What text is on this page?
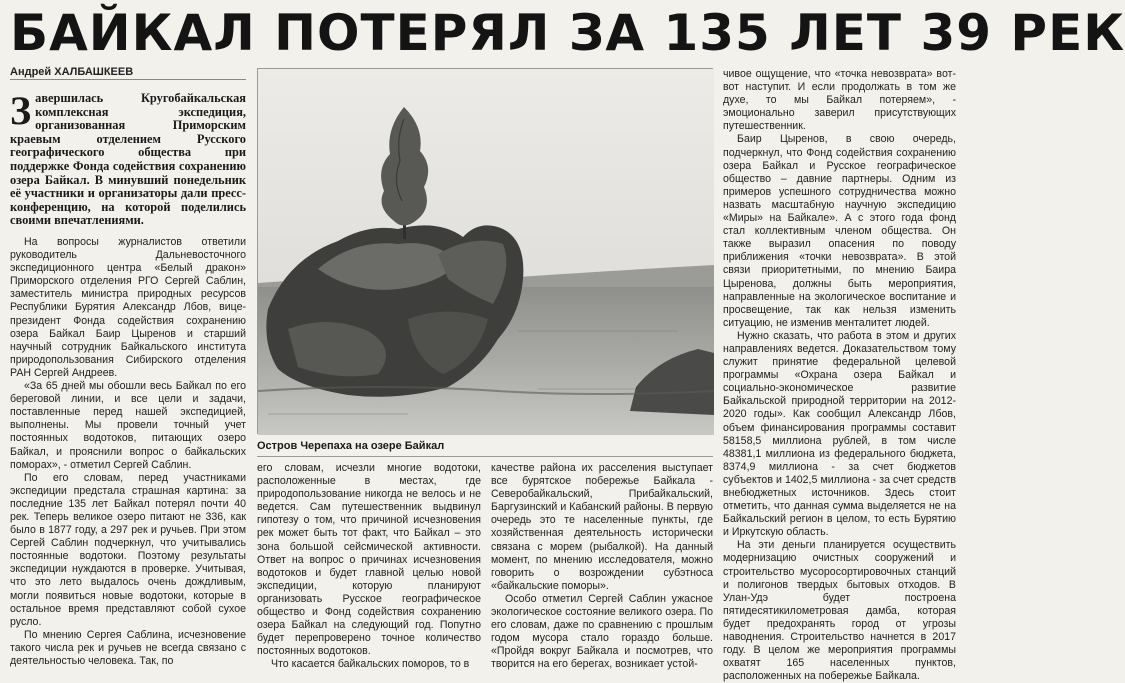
БАЙКАЛ ПОТЕРЯЛ ЗА 135 ЛЕТ 39 РЕК
Андрей ХАЛБАШКЕЕВ
Завершилась Кругобайкальская комплексная экспедиция, организованная Приморским краевым отделением Русского географического общества при поддержке Фонда содействия сохранению озера Байкал. В минувший понедельник её участники и организаторы дали пресс-конференцию, на которой поделились своими впечатлениями.

На вопросы журналистов ответили руководитель Дальневосточного экспедиционного центра «Белый дракон» Приморского отделения РГО Сергей Саблин, заместитель министра природных ресурсов Республики Бурятия Александр Лбов, вице-президент Фонда содействия сохранению озера Байкал Баир Цыренов и старший научный сотрудник Байкальского института природопользования Сибирского отделения РАН Сергей Андреев.

«За 65 дней мы обошли весь Байкал по его береговой линии, и все цели и задачи, поставленные перед нашей экспедицией, выполнены. Мы провели точный учет постоянных водотоков, питающих озеро Байкал, и прояснили вопрос о байкальских поморах», - отметил Сергей Саблин.

По его словам, перед участниками экспедиции предстала страшная картина: за последние 135 лет Байкал потерял почти 40 рек. Теперь великое озеро питают не 336, как было в 1877 году, а 297 рек и ручьев. При этом Сергей Саблин подчеркнул, что учитывались постоянные водотоки. Поэтому результаты экспедиции нуждаются в проверке. Учитывая, что это лето выдалось очень дождливым, могли появиться новые водотоки, которые в остальное время представляют собой сухое русло.

По мнению Сергея Саблина, исчезновение такого числа рек и ручьев не всегда связано с деятельностью человека. Так, по

Остров Черепаха на озере Байкал

его словам, исчезли многие водотоки, расположенные в местах, где природопользование никогда не велось и не ведется. Сам путешественник выдвинул гипотезу о том, что причиной исчезновения рек может быть тот факт, что Байкал – это зона большой сейсмической активности. Ответ на вопрос о причинах исчезновения водотоков и будет главной целью новой экспедиции, которую планируют организовать Русское географическое общество и Фонд содействия сохранению озера Байкал на следующий год. Попутно будет перепроверено точное количество постоянных водотоков.

Что касается байкальских поморов, то в

качестве района их расселения выступает все бурятское побережье Байкала - Северобайкальский, Прибайкальский, Баргузинский и Кабанский районы. В первую очередь это те населенные пункты, где хозяйственная деятельность исторически связана с морем (рыбалкой). На данный момент, по мнению исследователя, можно говорить о возрождении субэтноса «байкальские поморы».

Особо отметил Сергей Саблин ужасное экологическое состояние великого озера. По его словам, даже по сравнению с прошлым годом мусора стало гораздо больше. «Пройдя вокруг Байкала и посмотрев, что творится на его берегах, возникает устой-

чивое ощущение, что «точка невозврата» вот-вот наступит. И если продолжать в том же духе, то мы Байкал потеряем», - эмоционально заверил присутствующих путешественник.

Баир Цыренов, в свою очередь, подчеркнул, что Фонд содействия сохранению озера Байкал и Русское географическое общество – давние партнеры. Одним из примеров успешного сотрудничества можно назвать масштабную научную экспедицию «Миры» на Байкале». А с этого года фонд стал коллективным членом общества. Он также выразил опасения по поводу приближения «точки невозврата». В этой связи приоритетными, по мнению Баира Цыренова, должны быть мероприятия, направленные на экологическое воспитание и просвещение, так как нельзя изменить ситуацию, не изменив менталитет людей.

Нужно сказать, что работа в этом и других направлениях ведется. Доказательством тому служит принятие федеральной целевой программы «Охрана озера Байкал и социально-экономическое развитие Байкальской природной территории на 2012-2020 годы». Как сообщил Александр Лбов, объем финансирования программы составит 58158,5 миллиона рублей, в том числе 48381,1 миллиона из федерального бюджета, 8374,9 миллиона - за счет бюджетов субъектов и 1402,5 миллиона - за счет средств внебюджетных источников. Здесь стоит отметить, что данная сумма выделяется не на Байкальский регион в целом, то есть Бурятию и Иркутскую область.

На эти деньги планируется осуществить модернизацию очистных сооружений и строительство мусоросортировочных станций и полигонов твердых бытовых отходов. В Улан-Удэ будет построена пятидесятикилометровая дамба, которая будет предохранять город от угрозы наводнения. Строительство начнется в 2017 году. В целом же мероприятия программы охватят 165 населенных пунктов, расположенных на побережье Байкала.
